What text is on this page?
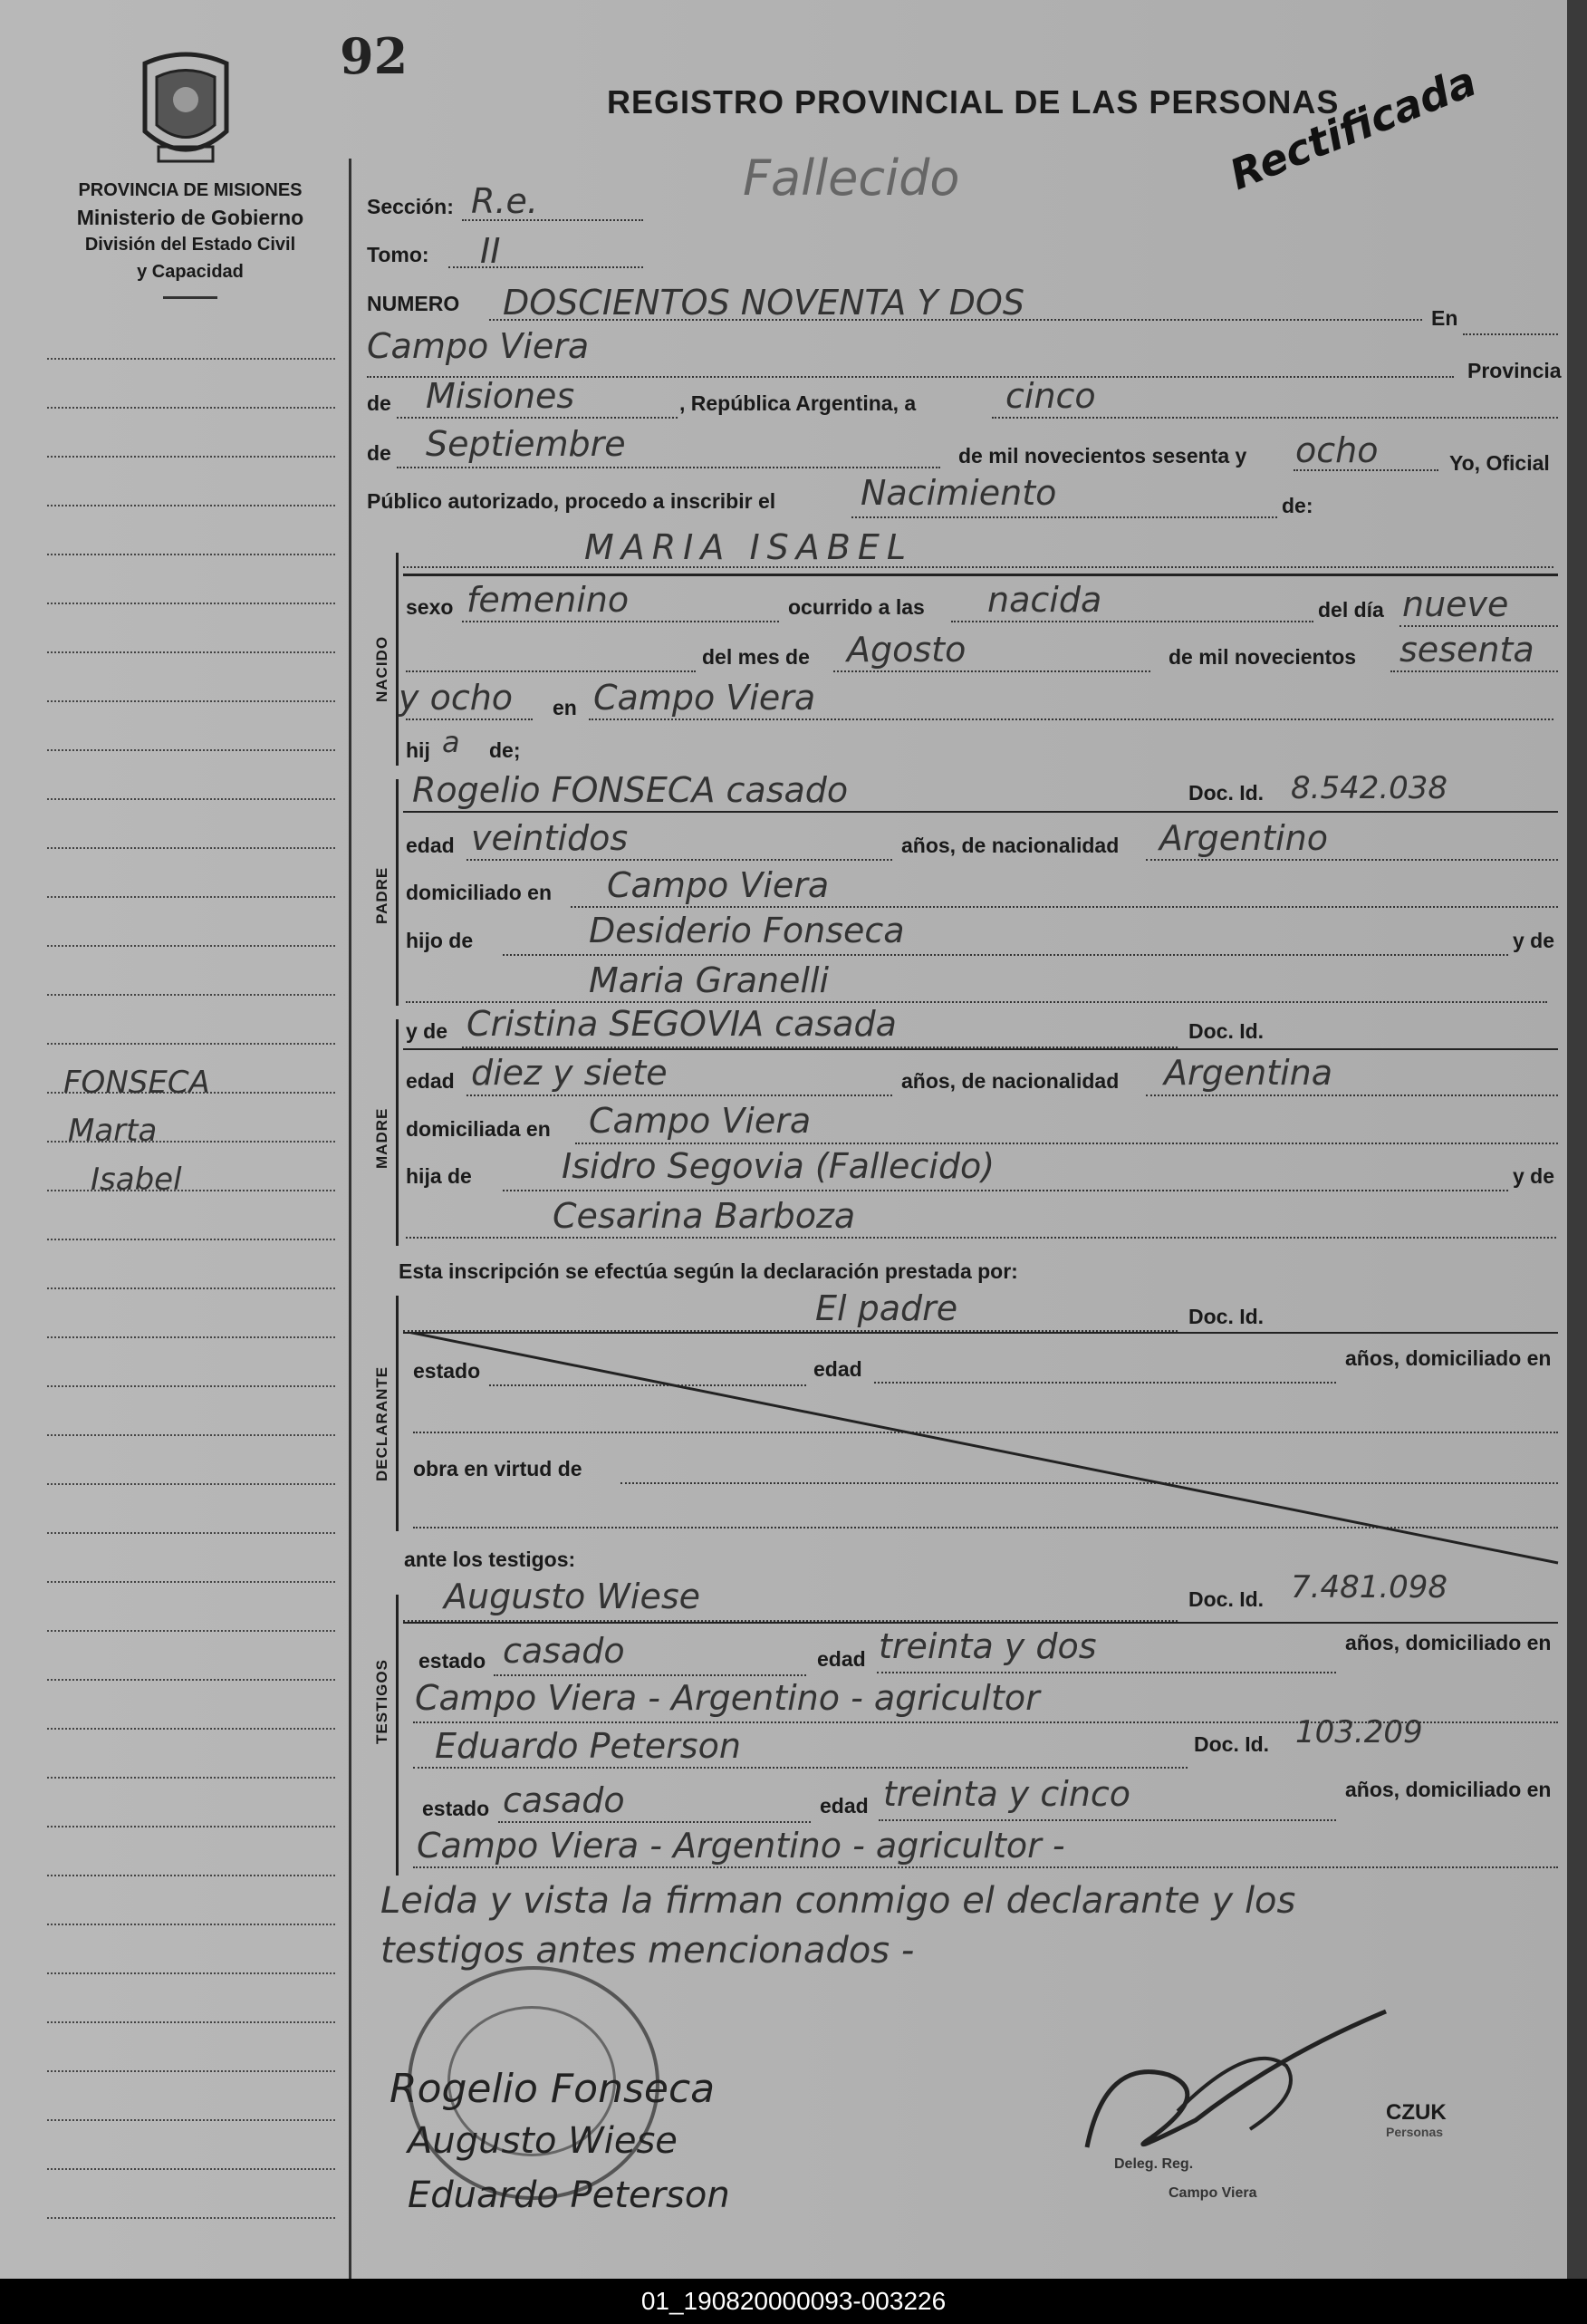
92
REGISTRO PROVINCIAL DE LAS PERSONAS
PROVINCIA DE MISIONES
Ministerio de Gobierno
División del Estado Civil
y Capacidad
FONSECA
Marta
Isabel
Fallecido	Rectificada
Sección: R.e.
Tomo: II
NUMERO DOSCIENTOS NOVENTA Y DOS	En
Campo Viera
Provincia
de Misiones	, República Argentina, a	cinco
de Septiembre	de mil novecientos sesenta y ocho	Yo, Oficial
Público autorizado, procedo a inscribir el Nacimiento	de:
NACIDO
MARIA ISABEL
sexo femenino	ocurrido a las nacida	del día nueve
del mes de Agosto	de mil novecientos sesenta
y ocho en Campo Viera
hij a de;
PADRE
Rogelio FONSECA casado	Doc. Id. 8.542.038
edad veintidos	años, de nacionalidad Argentino
domiciliado en Campo Viera
hijo de	Desiderio Fonseca	y de
Maria Granelli
MADRE
y de Cristina SEGOVIA casada	Doc. Id.
edad diez y siete	años, de nacionalidad Argentina
domiciliada en Campo Viera
hija de	Isidro Segovia (Fallecido)	y de
Cesarina Barboza
Esta inscripción se efectúa según la declaración prestada por:
DECLARANTE
El padre	Doc. Id.
estado	edad	años, domiciliado en
obra en virtud de
ante los testigos:
TESTIGOS
Augusto Wiese	Doc. Id. 7.481.098
estado casado	edad treinta y dos	años, domiciliado en
Campo Viera - Argentino - agricultor
Eduardo Peterson	Doc. Id. 103.209
estado casado	edad treinta y cinco	años, domiciliado en
Campo Viera - Argentino - agricultor -
Leida y vista la firman conmigo el declarante y los
testigos antes mencionados -
Rogelio Fonseca
Augusto Wiese
Eduardo Peterson
CZUK
Personas
Deleg. Reg.
Campo Viera
01_190820000093-003226
